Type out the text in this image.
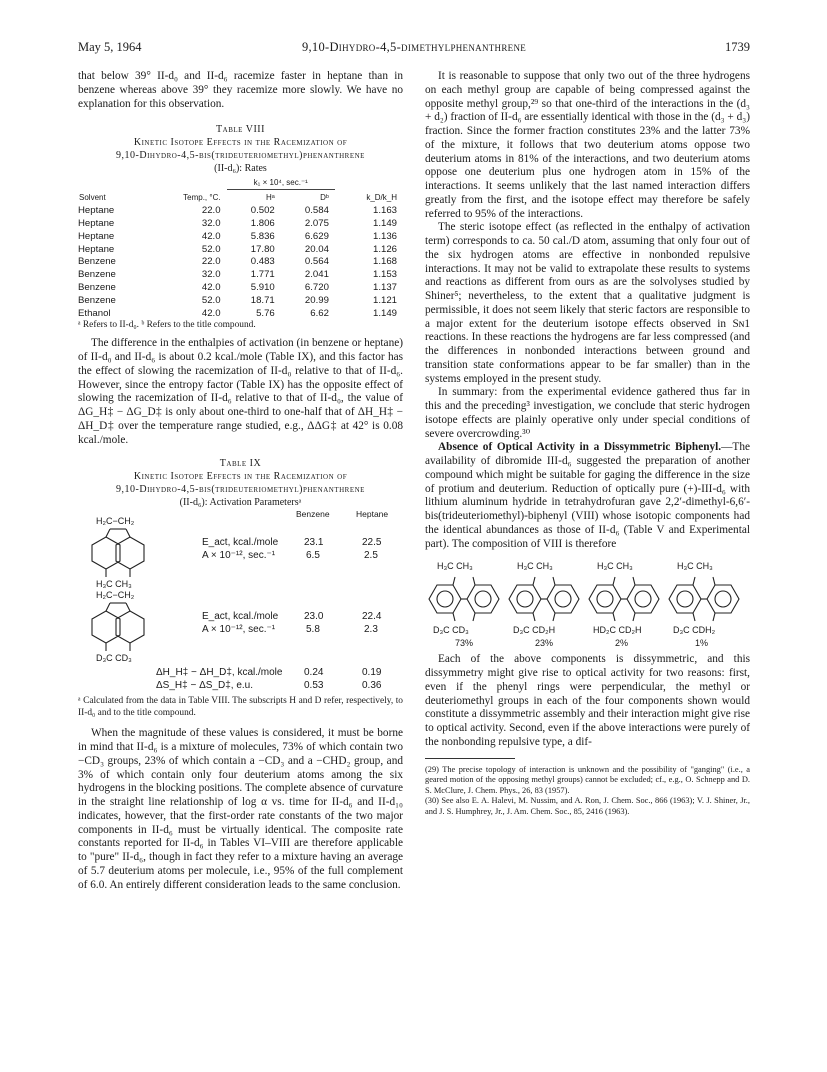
May 5, 1964	9,10-Dihydro-4,5-dimethylphenanthrene	1739

that below 39° II-d₀ and II-d₆ racemize faster in heptane than in benzene whereas above 39° they racemize more slowly. We have no explanation for this observation.

Table VIII

Kinetic Isotope Effects in the Racemization of

9,10-Dihydro-4,5-bis(trideuteriomethyl)phenanthrene

(II-d₆): Rates

		k₁ × 10⁴, sec.⁻¹		
Solvent	Temp., °C.	Hᵃ	Dᵇ	k_D/k_H
Heptane	22.0	0.502	0.584	1.163
Heptane	32.0	1.806	2.075	1.149
Heptane	42.0	5.836	6.629	1.136
Heptane	52.0	17.80	20.04	1.126
Benzene	22.0	0.483	0.564	1.168
Benzene	32.0	1.771	2.041	1.153
Benzene	42.0	5.910	6.720	1.137
Benzene	52.0	18.71	20.99	1.121
Ethanol	42.0	5.76	6.62	1.149

ᵃ Refers to II-d₀. ᵇ Refers to the title compound.

The difference in the enthalpies of activation (in benzene or heptane) of II-d₀ and II-d₆ is about 0.2 kcal./mole (Table IX), and this factor has the effect of slowing the racemization of II-d₀ relative to that of II-d₆. However, since the entropy factor (Table IX) has the opposite effect of slowing the racemization of II-d₆ relative to that of II-d₀, the value of ΔG_H‡ − ΔG_D‡ is only about one-third to one-half that of ΔH_H‡ − ΔH_D‡ over the temperature range studied, e.g., ΔΔG‡ at 42° is 0.08 kcal./mole.

Table IX

Kinetic Isotope Effects in the Racemization of

9,10-Dihydro-4,5-bis(trideuteriomethyl)phenanthrene

(II-d₆): Activation Parametersᵃ

Benzene	Heptane
H₂C−CH₂
H₃C CH₃
E_act, kcal./mole	23.1	22.5
A × 10⁻¹², sec.⁻¹	6.5	2.5
H₂C−CH₂
D₃C CD₃
E_act, kcal./mole	23.0	22.4
A × 10⁻¹², sec.⁻¹	5.8	2.3
ΔH_H‡ − ΔH_D‡, kcal./mole 0.24	0.19
ΔS_H‡ − ΔS_D‡, e.u.	0.53	0.36

ᵃ Calculated from the data in Table VIII. The subscripts H and D refer, respectively, to II-d₀ and to the title compound.

When the magnitude of these values is considered, it must be borne in mind that II-d₆ is a mixture of molecules, 73% of which contain two −CD₃ groups, 23% of which contain a −CD₃ and a −CHD₂ group, and 3% of which contain only four deuterium atoms among the six hydrogens in the blocking positions. The complete absence of curvature in the straight line relationship of log α vs. time for II-d₆ and II-d₁₀ indicates, however, that the first-order rate constants of the two major components in II-d₆ must be virtually identical. The composite rate constants reported for II-d₆ in Tables VI–VIII are therefore applicable to "pure" II-d₆, though in fact they refer to a mixture having an average of 5.7 deuterium atoms per molecule, i.e., 95% of the full complement of 6.0. An entirely different consideration leads to the same conclusion.

It is reasonable to suppose that only two out of the three hydrogens on each methyl group are capable of being compressed against the opposite methyl group,²⁹ so that one-third of the interactions in the (d₃ + d₂) fraction of II-d₆ are essentially identical with those in the (d₃ + d₃) fraction. Since the former fraction constitutes 23% and the latter 73% of the mixture, it follows that two deuterium atoms oppose two deuterium atoms in 81% of the interactions, and two deuterium atoms oppose one deuterium plus one hydrogen atom in 15% of the interactions. It seems unlikely that the last named interaction differs greatly from the first, and the isotope effect may therefore be safely referred to 95% of the interactions.

The steric isotope effect (as reflected in the enthalpy of activation term) corresponds to ca. 50 cal./D atom, assuming that only four out of the six hydrogen atoms are effective in nonbonded repulsive interactions. It may not be valid to extrapolate these results to systems and reactions as different from ours as are the solvolyses studied by Shiner⁵; nevertheless, to the extent that a qualitative judgment is permissible, it does not seem likely that steric factors are responsible to a major extent for the deuterium isotope effects observed in Sɴ1 reactions. In these reactions the hydrogens are far less compressed (and the differences in nonbonded interactions between ground and transition state conformations appear to be far smaller) than in the systems employed in the present study.

In summary: from the experimental evidence gathered thus far in this and the preceding³ investigation, we conclude that steric hydrogen isotope effects are plainly operative only under special conditions of severe overcrowding.³⁰

Absence of Optical Activity in a Dissymmetric Biphenyl.—The availability of dibromide III-d₆ suggested the preparation of another compound which might be suitable for gaging the difference in the size of protium and deuterium. Reduction of optically pure (+)-III-d₆ with lithium aluminum hydride in tetrahydrofuran gave 2,2′-dimethyl-6,6′-bis(trideuteriomethyl)-biphenyl (VIII) whose isotopic components had the identical abundances as those of II-d₆ (Table V and Experimental part). The composition of VIII is therefore

H₃C CH₃
D₃C CD₃
73%
H₃C CH₃
D₃C CD₂H
23%
H₃C CH₃
HD₂C CD₂H
2%
H₃C CH₃
D₃C CDH₂
1%

Each of the above components is dissymmetric, and this dissymmetry might give rise to optical activity for two reasons: first, even if the phenyl rings were perpendicular, the methyl or deuteriomethyl groups in each of the four components shown would constitute a dissymmetric assembly and their interaction might give rise to optical activity. Second, even if the above interactions were purely of the nonbonding repulsive type, a dif-

(29) The precise topology of interaction is unknown and the possibility of "ganging" (i.e., a geared motion of the opposing methyl groups) cannot be excluded; cf., e.g., O. Schnepp and D. S. McClure, J. Chem. Phys., 26, 83 (1957).

(30) See also E. A. Halevi, M. Nussim, and A. Ron, J. Chem. Soc., 866 (1963); V. J. Shiner, Jr., and J. S. Humphrey, Jr., J. Am. Chem. Soc., 85, 2416 (1963).
